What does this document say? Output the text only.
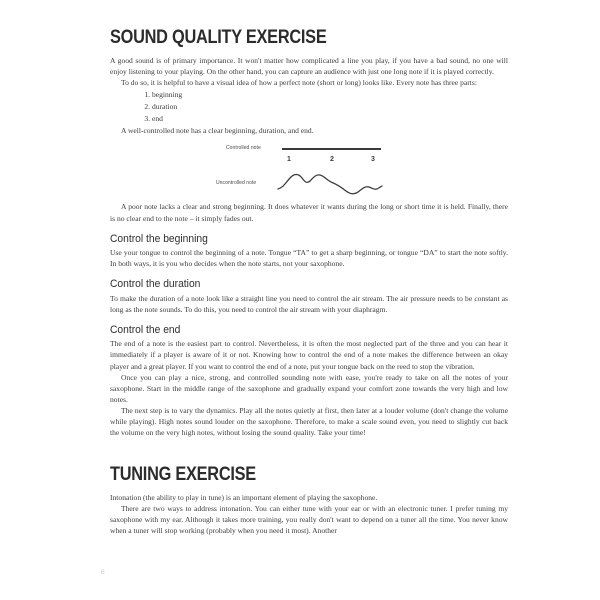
SOUND QUALITY EXERCISE

A good sound is of primary importance. It won't matter how complicated a line you play, if you have a bad sound, no one will enjoy listening to your playing. On the other hand, you can capture an audience with just one long note if it is played correctly.

To do so, it is helpful to have a visual idea of how a perfect note (short or long) looks like. Every note has three parts:

beginning
duration
end

A well-controlled note has a clear beginning, duration, and end.

Controlled note
Uncontrolled note
1	2	3

A poor note lacks a clear and strong beginning. It does whatever it wants during the long or short time it is held. Finally, there is no clear end to the note – it simply fades out.

Control the beginning

Use your tongue to control the beginning of a note. Tongue “TA” to get a sharp beginning, or tongue “DA” to start the note softly. In both ways, it is you who decides when the note starts, not your saxophone.

Control the duration

To make the duration of a note look like a straight line you need to control the air stream. The air pressure needs to be constant as long as the note sounds. To do this, you need to control the air stream with your diaphragm.

Control the end

The end of a note is the easiest part to control. Nevertheless, it is often the most neglected part of the three and you can hear it immediately if a player is aware of it or not. Knowing how to control the end of a note makes the difference between an okay player and a great player. If you want to control the end of a note, put your tongue back on the reed to stop the vibration.

Once you can play a nice, strong, and controlled sounding note with ease, you're ready to take on all the notes of your saxophone. Start in the middle range of the saxophone and gradually expand your comfort zone towards the very high and low notes.

The next step is to vary the dynamics. Play all the notes quietly at first, then later at a louder volume (don't change the volume while playing). High notes sound louder on the saxophone. Therefore, to make a scale sound even, you need to slightly cut back the volume on the very high notes, without losing the sound quality. Take your time!

TUNING EXERCISE

Intonation (the ability to play in tune) is an important element of playing the saxophone.

There are two ways to address intonation. You can either tune with your ear or with an electronic tuner. I prefer tuning my saxophone with my ear. Although it takes more training, you really don't want to depend on a tuner all the time. You never know when a tuner will stop working (probably when you need it most). Another

6
